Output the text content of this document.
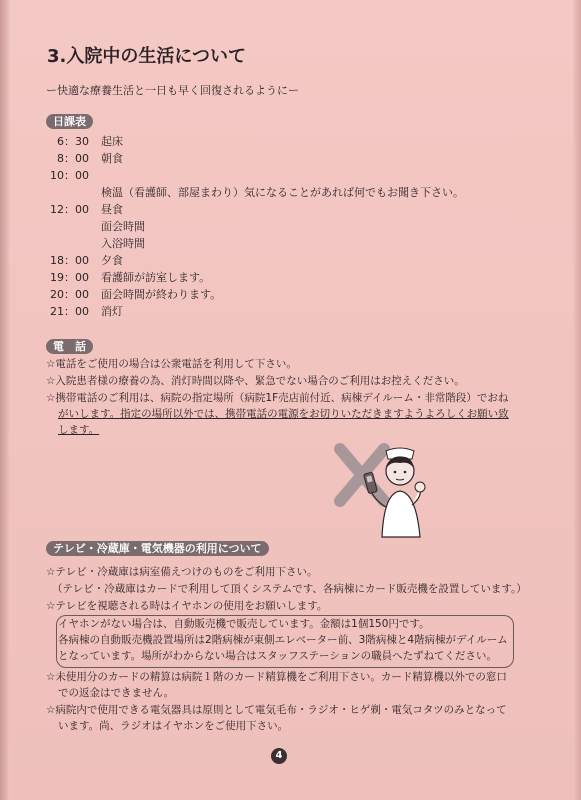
3.入院中の生活について
ー快適な療養生活と一日も早く回復されるようにー
日課表
6：30 起床
8：00 朝食
10：00
検温（看護師、部屋まわり）気になることがあれば何でもお聞き下さい。
12：00 昼食
面会時間
入浴時間
18：00 夕食
19：00 看護師が訪室します。
20：00 面会時間が終わります。
21：00 消灯
電　話
☆電話をご使用の場合は公衆電話を利用して下さい。
☆入院患者様の療養の為、消灯時間以降や、緊急でない場合のご利用はお控えください。
☆携帯電話のご利用は、病院の指定場所（病院1F売店前付近、病棟デイルーム・非常階段）でおね
がいします。指定の場所以外では、携帯電話の電源をお切りいただきますようよろしくお願い致
します。
テレビ・冷蔵庫・電気機器の利用について
☆テレビ・冷蔵庫は病室備えつけのものをご利用下さい。
（テレビ・冷蔵庫はカードで利用して頂くシステムです、各病棟にカード販売機を設置しています。）
☆テレビを視聴される時はイヤホンの使用をお願いします。
イヤホンがない場合は、自動販売機で販売しています。金額は1個150円です。
各病棟の自動販売機設置場所は2階病棟が東側エレベーター前、3階病棟と4階病棟がデイルーム
となっています。場所がわからない場合はスタッフステーションの職員へたずねてください。
☆未使用分のカードの精算は病院１階のカード精算機をご利用下さい。カード精算機以外での窓口
での返金はできません。
☆病院内で使用できる電気器具は原則として電気毛布・ラジオ・ヒゲ剃・電気コタツのみとなって
います。尚、ラジオはイヤホンをご使用下さい。
4
